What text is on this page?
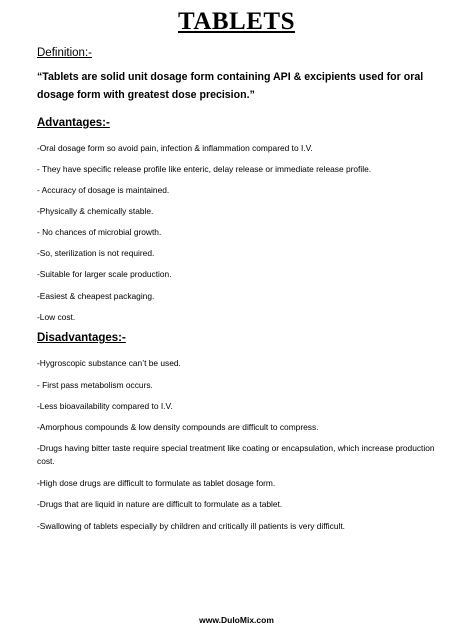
TABLETS
Definition:-
“Tablets are solid unit dosage form containing API & excipients used for oral dosage form with greatest dose precision.”
Advantages:-
-Oral dosage form so avoid pain, infection & inflammation compared to I.V.
- They have specific release profile like enteric, delay release or immediate release profile.
- Accuracy of dosage is maintained.
-Physically & chemically stable.
- No chances of microbial growth.
-So, sterilization is not required.
-Suitable for larger scale production.
-Easiest & cheapest packaging.
-Low cost.
Disadvantages:-
-Hygroscopic substance can’t be used.
- First pass metabolism occurs.
-Less bioavailability compared to I.V.
-Amorphous compounds & low density compounds are difficult to compress.
-Drugs having bitter taste require special treatment like coating or encapsulation, which increase production cost.
-High dose drugs are difficult to formulate as tablet dosage form.
-Drugs that are liquid in nature are difficult to formulate as a tablet.
-Swallowing of tablets especially by children and critically ill patients is very difficult.
www.DuloMix.com
